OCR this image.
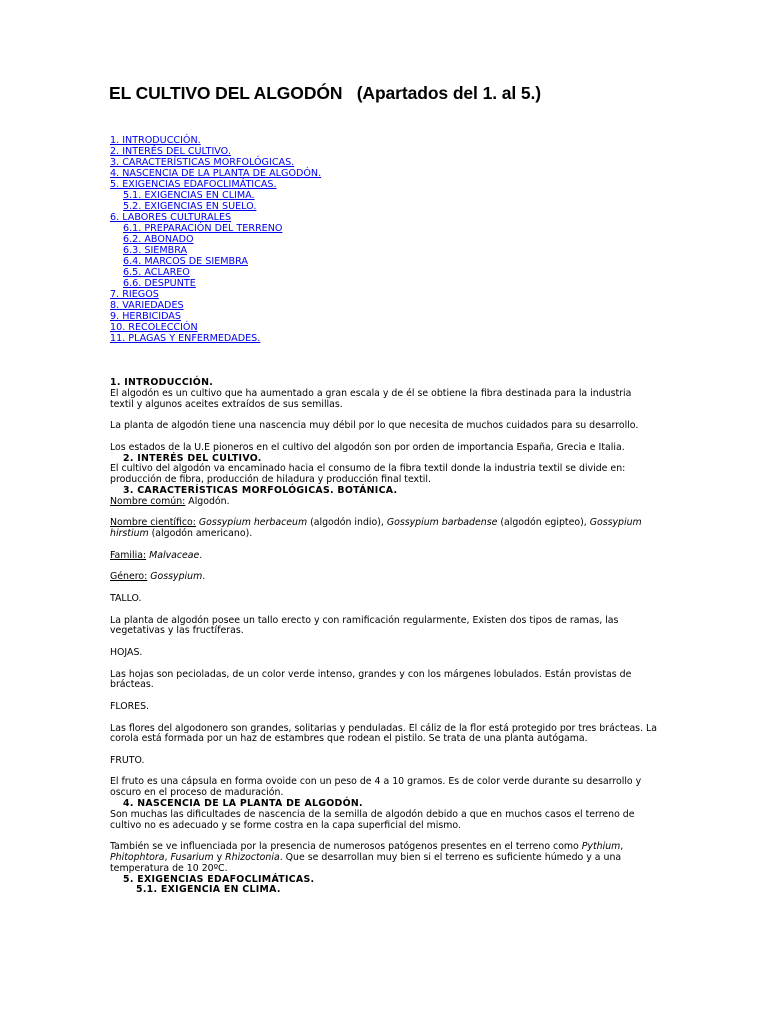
EL CULTIVO DEL ALGODÓN   (Apartados del 1. al 5.)
1. INTRODUCCIÓN.
2. INTERÉS DEL CULTIVO.
3. CARACTERÍSTICAS MORFOLÓGICAS.
4. NASCENCIA DE LA PLANTA DE ALGODÓN.
5. EXIGENCIAS EDAFOCLIMÁTICAS.
5.1. EXIGENCIAS EN CLIMA.
5.2. EXIGENCIAS EN SUELO.
6. LABORES CULTURALES
6.1. PREPARACIÓN DEL TERRENO
6.2. ABONADO
6.3. SIEMBRA
6.4. MARCOS DE SIEMBRA
6.5. ACLAREO
6.6. DESPUNTE
7. RIEGOS
8. VARIEDADES
9. HERBICIDAS
10. RECOLECCIÓN
11. PLAGAS Y ENFERMEDADES.

1. INTRODUCCIÓN.

El algodón es un cultivo que ha aumentado a gran escala y de él se obtiene la fibra destinada para la industria textil y algunos aceites extraídos de sus semillas.

La planta de algodón tiene una nascencia muy débil por lo que necesita de muchos cuidados para su desarrollo.

Los estados de la U.E pioneros en el cultivo del algodón son por orden de importancia España, Grecia e Italia.

2. INTERÉS DEL CULTIVO.

El cultivo del algodón va encaminado hacia el consumo de la fibra textil donde la industria textil se divide en: producción de fibra, producción de hiladura y producción final textil.

3. CARACTERÍSTICAS MORFOLÓGICAS. BOTÁNICA.

Nombre común: Algodón.

Nombre científico: Gossypium herbaceum (algodón indio), Gossypium barbadense (algodón egipteo), Gossypium hirstium (algodón americano).

Familia: Malvaceae.

Género: Gossypium.

TALLO.

La planta de algodón posee un tallo erecto y con ramificación regularmente, Existen dos tipos de ramas, las vegetativas y las fructíferas.

HOJAS.

Las hojas son pecioladas, de un color verde intenso, grandes y con los márgenes lobulados. Están provistas de brácteas.

FLORES.

Las flores del algodonero son grandes, solitarias y penduladas. El cáliz de la flor está protegido por tres brácteas. La corola está formada por un haz de estambres que rodean el pistilo. Se trata de una planta autógama.

FRUTO.

El fruto es una cápsula en forma ovoide con un peso de 4 a 10 gramos. Es de color verde durante su desarrollo y oscuro en el proceso de maduración.

4. NASCENCIA DE LA PLANTA DE ALGODÓN.

Son muchas las dificultades de nascencia de la semilla de algodón debido a que en muchos casos el terreno de cultivo no es adecuado y se forme costra en la capa superficial del mismo.

También se ve influenciada por la presencia de numerosos patógenos presentes en el terreno como Pythium, Phitophtora, Fusarium y Rhizoctonia. Que se desarrollan muy bien si el terreno es suficiente húmedo y a una temperatura de 10 20ºC.

5. EXIGENCIAS EDAFOCLIMÁTICAS.

5.1. EXIGENCIA EN CLIMA.
